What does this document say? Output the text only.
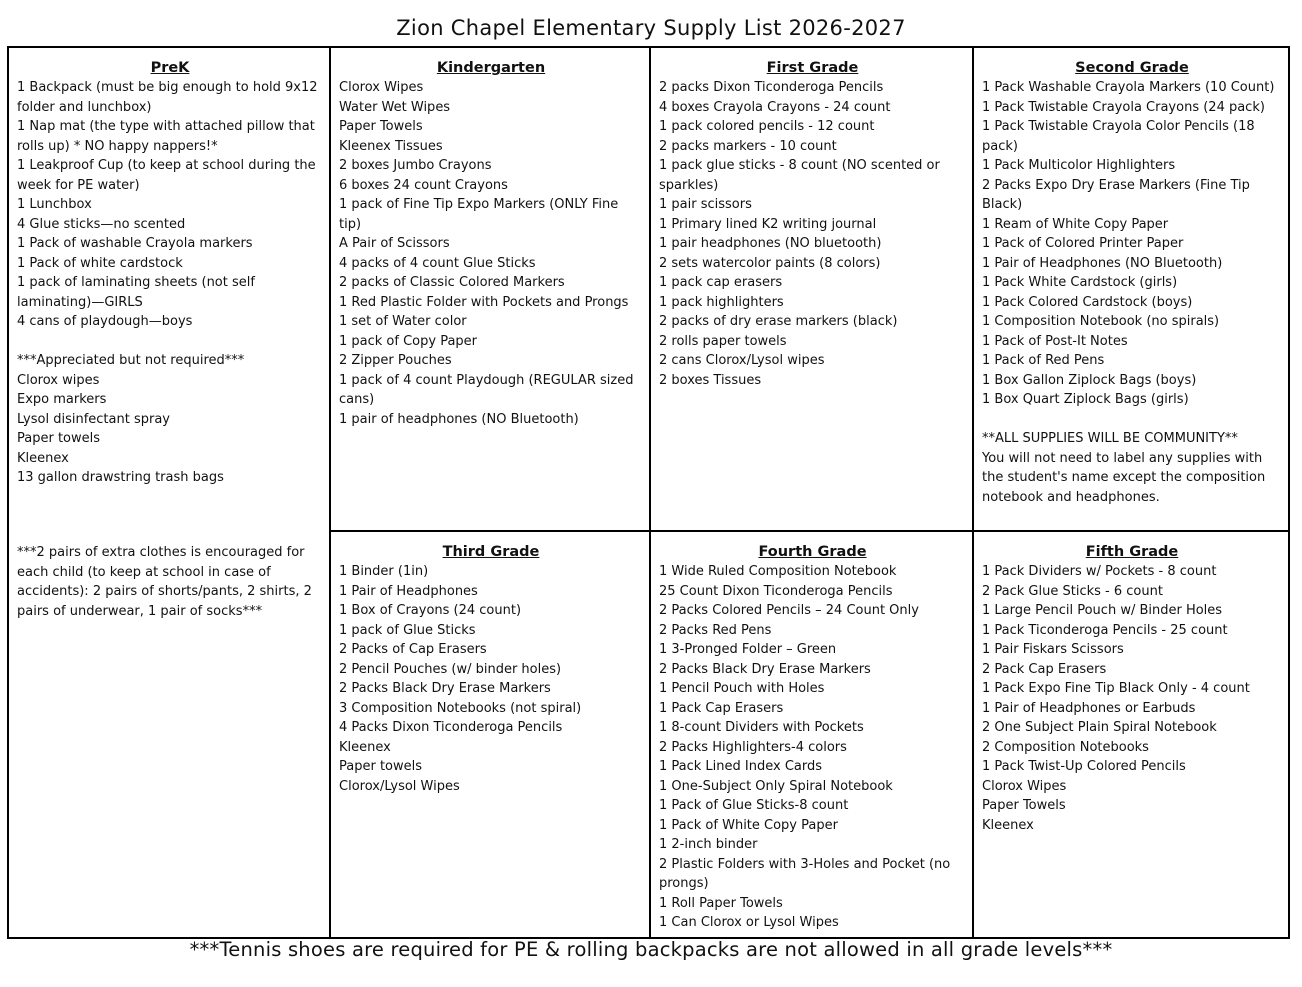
Zion Chapel Elementary Supply List 2026-2027
PreK
1 Backpack (must be big enough to hold 9x12 folder and lunchbox)
1 Nap mat (the type with attached pillow that rolls up) * NO happy nappers!*
1 Leakproof Cup (to keep at school during the week for PE water)
1 Lunchbox
4 Glue sticks—no scented
1 Pack of washable Crayola markers
1 Pack of white cardstock
1 pack of laminating sheets (not self laminating)—GIRLS
4 cans of playdough—boys
***Appreciated but not required***
Clorox wipes
Expo markers
Lysol disinfectant spray
Paper towels
Kleenex
13 gallon drawstring trash bags
***2 pairs of extra clothes is encouraged for each child (to keep at school in case of accidents): 2 pairs of shorts/pants, 2 shirts, 2 pairs of underwear, 1 pair of socks***
Kindergarten
Clorox Wipes
Water Wet Wipes
Paper Towels
Kleenex Tissues
2 boxes Jumbo Crayons
6 boxes 24 count Crayons
1 pack of Fine Tip Expo Markers (ONLY Fine tip)
A Pair of Scissors
4 packs of 4 count Glue Sticks
2 packs of Classic Colored Markers
1 Red Plastic Folder with Pockets and Prongs
1 set of Water color
1 pack of Copy Paper
2 Zipper Pouches
1 pack of 4 count Playdough (REGULAR sized cans)
1 pair of headphones (NO Bluetooth)
First Grade
2 packs Dixon Ticonderoga Pencils
4 boxes Crayola Crayons - 24 count
1 pack colored pencils - 12 count
2 packs markers - 10 count
1 pack glue sticks - 8 count (NO scented or sparkles)
1 pair scissors
1 Primary lined K2 writing journal
1 pair headphones (NO bluetooth)
2 sets watercolor paints (8 colors)
1 pack cap erasers
1 pack highlighters
2 packs of dry erase markers (black)
2 rolls paper towels
2 cans Clorox/Lysol wipes
2 boxes Tissues
Second Grade
1 Pack Washable Crayola Markers (10 Count)
1 Pack Twistable Crayola Crayons (24 pack)
1 Pack Twistable Crayola Color Pencils (18 pack)
1 Pack Multicolor Highlighters
2 Packs Expo Dry Erase Markers (Fine Tip Black)
1 Ream of White Copy Paper
1 Pack of Colored Printer Paper
1 Pair of Headphones (NO Bluetooth)
1 Pack White Cardstock (girls)
1 Pack Colored Cardstock (boys)
1 Composition Notebook (no spirals)
1 Pack of Post-It Notes
1 Pack of Red Pens
1 Box Gallon Ziplock Bags (boys)
1 Box Quart Ziplock Bags (girls)
**ALL SUPPLIES WILL BE COMMUNITY**
You will not need to label any supplies with the student's name except the composition notebook and headphones.
Third Grade
1 Binder (1in)
1 Pair of Headphones
1 Box of Crayons (24 count)
1 pack of Glue Sticks
2 Packs of Cap Erasers
2 Pencil Pouches (w/ binder holes)
2 Packs Black Dry Erase Markers
3 Composition Notebooks (not spiral)
4 Packs Dixon Ticonderoga Pencils
Kleenex
Paper towels
Clorox/Lysol Wipes
Fourth Grade
1 Wide Ruled Composition Notebook
25 Count Dixon Ticonderoga Pencils
2 Packs Colored Pencils – 24 Count Only
2 Packs Red Pens
1 3-Pronged Folder – Green
2 Packs Black Dry Erase Markers
1 Pencil Pouch with Holes
1 Pack Cap Erasers
1 8-count Dividers with Pockets
2 Packs Highlighters-4 colors
1 Pack Lined Index Cards
1 One-Subject Only Spiral Notebook
1 Pack of Glue Sticks-8 count
1 Pack of White Copy Paper
1 2-inch binder
2 Plastic Folders with 3-Holes and Pocket (no prongs)
1 Roll Paper Towels
1 Can Clorox or Lysol Wipes
Fifth Grade
1 Pack Dividers w/ Pockets - 8 count
2 Pack Glue Sticks - 6 count
1 Large Pencil Pouch w/ Binder Holes
1 Pack Ticonderoga Pencils - 25 count
1 Pair Fiskars Scissors
2 Pack Cap Erasers
1 Pack Expo Fine Tip Black Only - 4 count
1 Pair of Headphones or Earbuds
2 One Subject Plain Spiral Notebook
2 Composition Notebooks
1 Pack Twist-Up Colored Pencils
Clorox Wipes
Paper Towels
Kleenex
***Tennis shoes are required for PE & rolling backpacks are not allowed in all grade levels***
